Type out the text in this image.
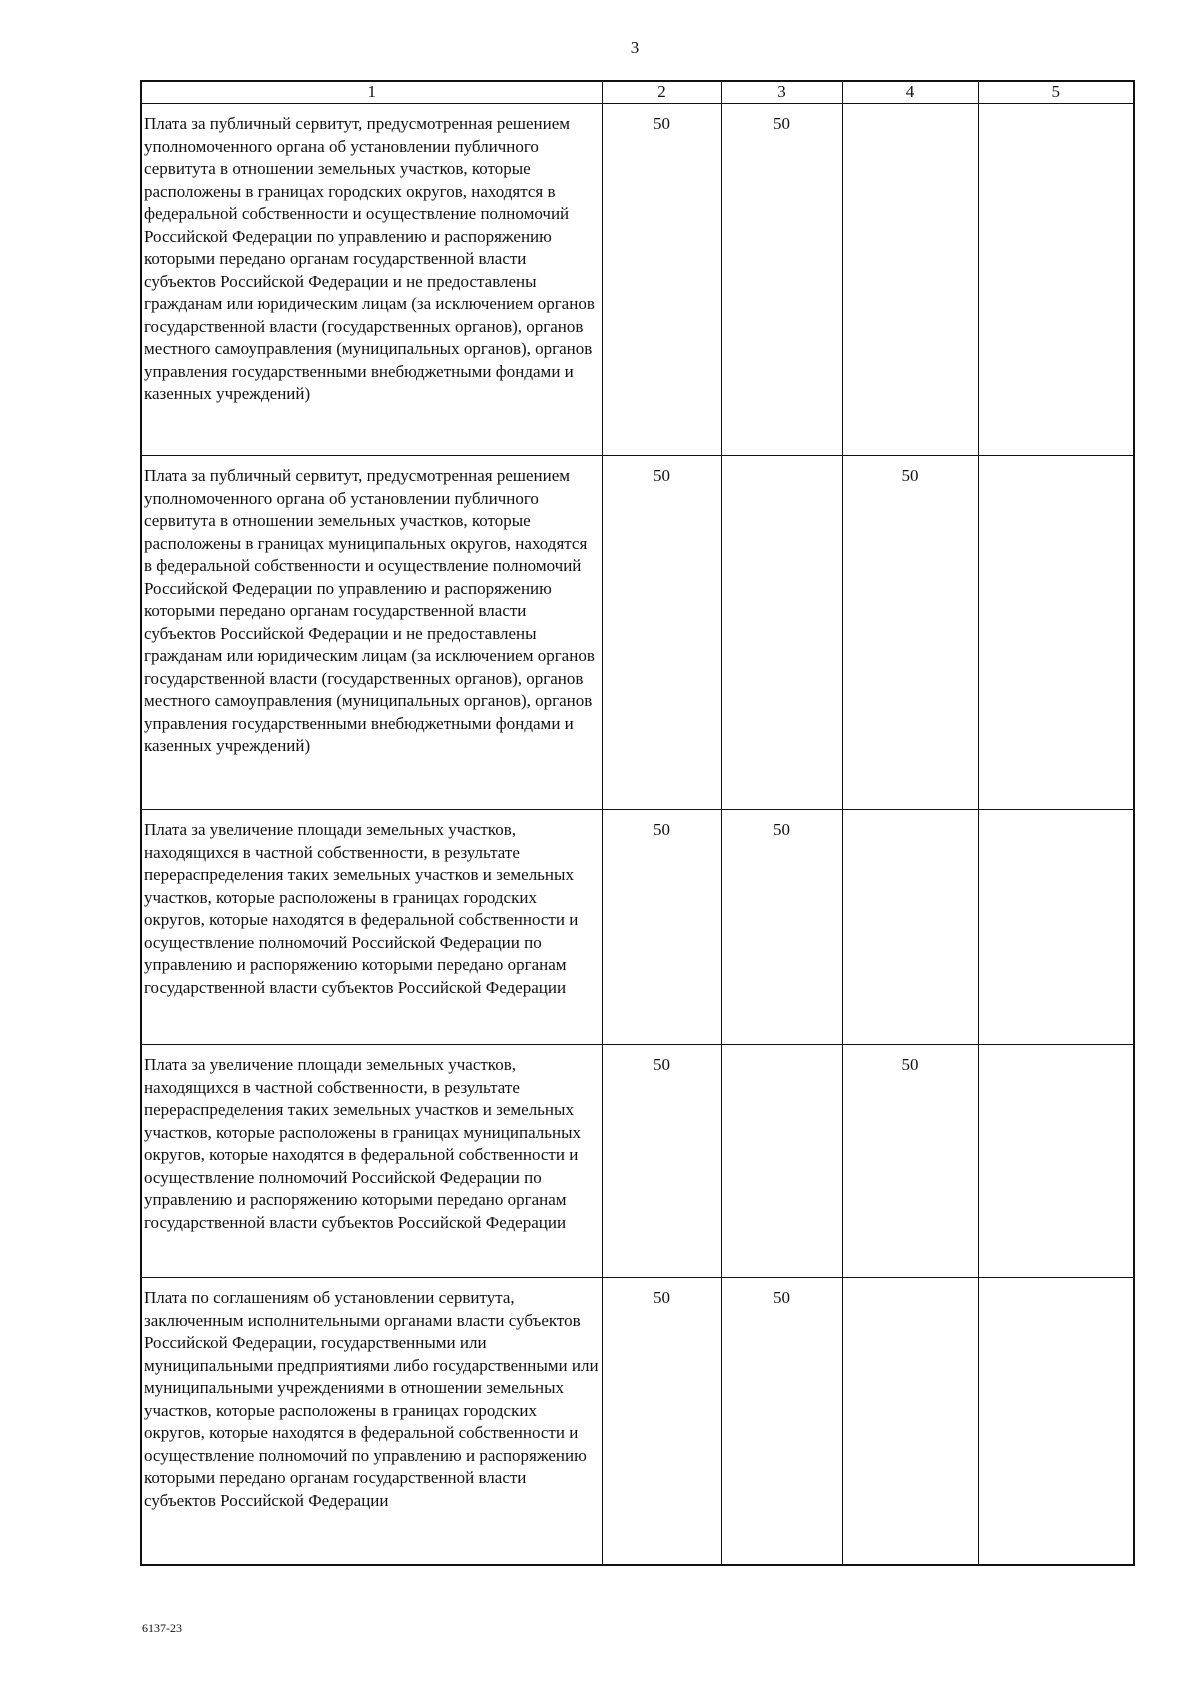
3
1	2	3	4	5
Плата за публичный сервитут, предусмотренная решением уполномоченного органа об установлении публичного сервитута в отношении земельных участков, которые расположены в границах городских округов, находятся в федеральной собственности и осуществление полномочий Российской Федерации по управлению и распоряжению которыми передано органам государственной власти субъектов Российской Федерации и не предоставлены гражданам или юридическим лицам (за исключением органов государственной власти (государственных органов), органов местного самоуправления (муниципальных органов), органов управления государственными внебюджетными фондами и казенных учреждений)	50	50		
Плата за публичный сервитут, предусмотренная решением уполномоченного органа об установлении публичного сервитута в отношении земельных участков, которые расположены в границах муниципальных округов, находятся в федеральной собственности и осуществление полномочий Российской Федерации по управлению и распоряжению которыми передано органам государственной власти субъектов Российской Федерации и не предоставлены гражданам или юридическим лицам (за исключением органов государственной власти (государственных органов), органов местного самоуправления (муниципальных органов), органов управления государственными внебюджетными фондами и казенных учреждений)	50		50	
Плата за увеличение площади земельных участков, находящихся в частной собственности, в результате перераспределения таких земельных участков и земельных участков, которые расположены в границах городских округов, которые находятся в федеральной собственности и осуществление полномочий Российской Федерации по управлению и распоряжению которыми передано органам государственной власти субъектов Российской Федерации	50	50		
Плата за увеличение площади земельных участков, находящихся в частной собственности, в результате перераспределения таких земельных участков и земельных участков, которые расположены в границах муниципальных округов, которые находятся в федеральной собственности и осуществление полномочий Российской Федерации по управлению и распоряжению которыми передано органам государственной власти субъектов Российской Федерации	50		50	
Плата по соглашениям об установлении сервитута, заключенным исполнительными органами власти субъектов Российской Федерации, государственными или муниципальными предприятиями либо государственными или муниципальными учреждениями в отношении земельных участков, которые расположены в границах городских округов, которые находятся в федеральной собственности и осуществление полномочий по управлению и распоряжению которыми передано органам государственной власти субъектов Российской Федерации	50	50		
6137-23
